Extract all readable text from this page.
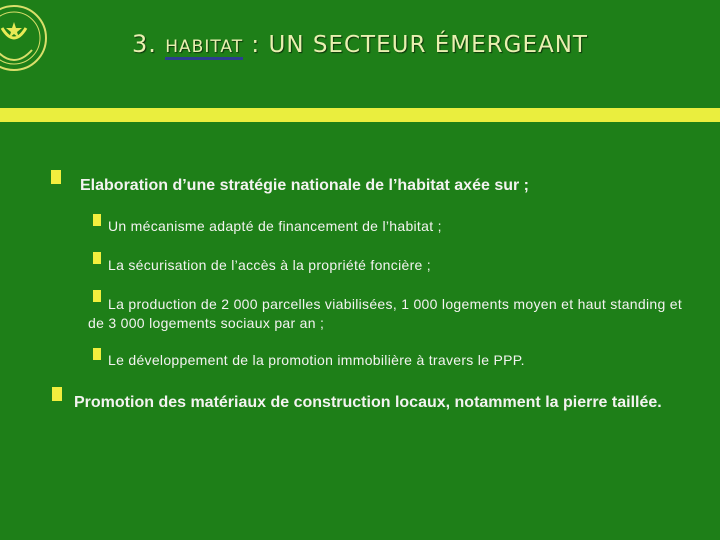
3. HABITAT : UN SECTEUR ÉMERGEANT
Elaboration d’une stratégie nationale de l’habitat axée sur ;
Un mécanisme adapté de financement de l’habitat ;
La sécurisation de l’accès à la propriété foncière ;
La production de 2 000 parcelles viabilisées, 1 000 logements moyen et haut standing et de 3 000 logements sociaux par an ;
Le développement de la promotion immobilière à travers le PPP.
Promotion des matériaux de construction locaux, notamment la pierre taillée.
